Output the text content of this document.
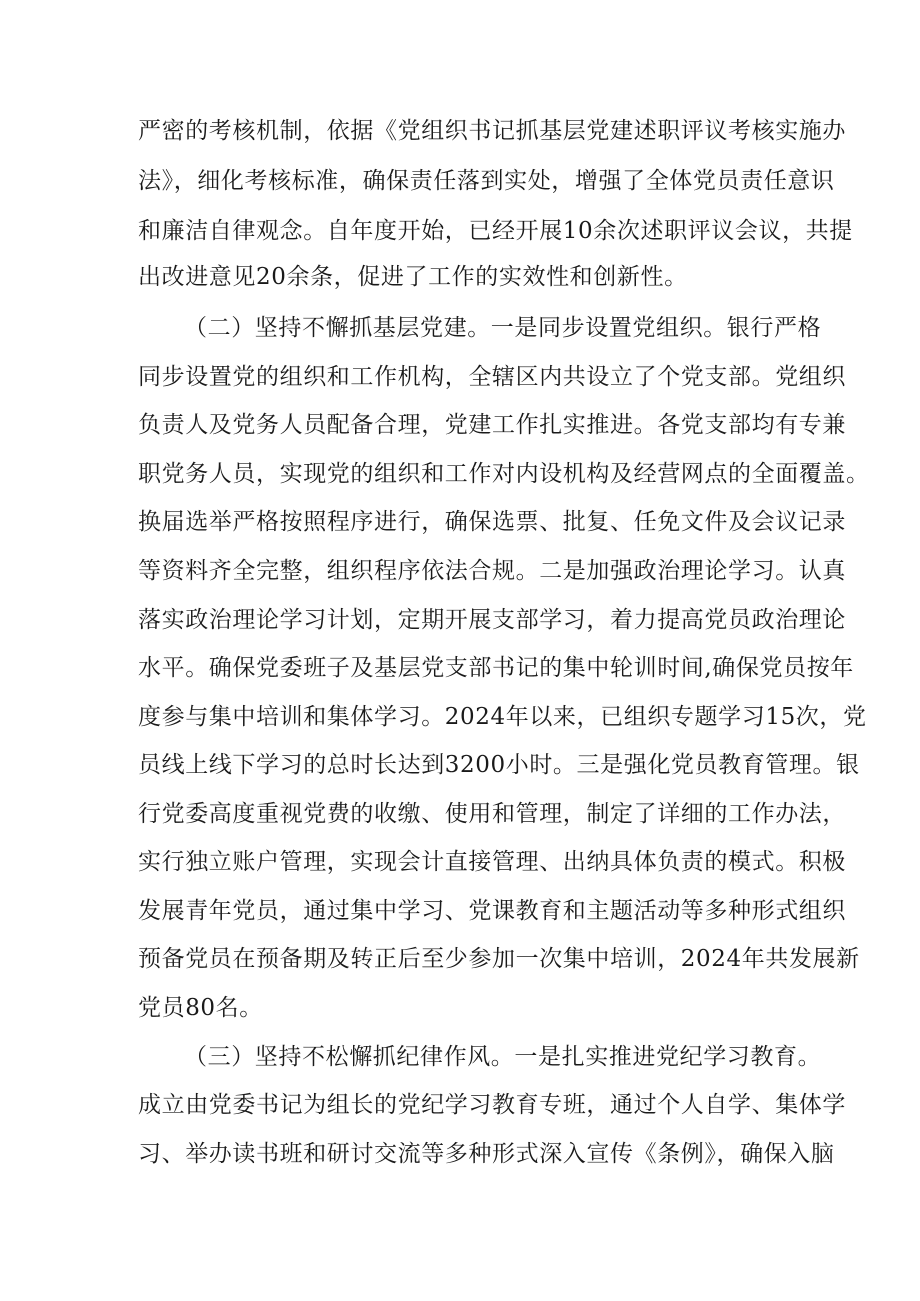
严密的考核机制，依据《党组织书记抓基层党建述职评议考核实施办
法》，细化考核标准，确保责任落到实处，增强了全体党员责任意识
和廉洁自律观念。自年度开始，已经开展10余次述职评议会议，共提
出改进意见20余条，促进了工作的实效性和创新性。
（二）坚持不懈抓基层党建。一是同步设置党组织。银行严格
同步设置党的组织和工作机构，全辖区内共设立了个党支部。党组织
负责人及党务人员配备合理，党建工作扎实推进。各党支部均有专兼
职党务人员，实现党的组织和工作对内设机构及经营网点的全面覆盖。
换届选举严格按照程序进行，确保选票、批复、任免文件及会议记录
等资料齐全完整，组织程序依法合规。二是加强政治理论学习。认真
落实政治理论学习计划，定期开展支部学习，着力提高党员政治理论
水平。确保党委班子及基层党支部书记的集中轮训时间,确保党员按年
度参与集中培训和集体学习。2024年以来，已组织专题学习15次，党
员线上线下学习的总时长达到3200小时。三是强化党员教育管理。银
行党委高度重视党费的收缴、使用和管理，制定了详细的工作办法，
实行独立账户管理，实现会计直接管理、出纳具体负责的模式。积极
发展青年党员，通过集中学习、党课教育和主题活动等多种形式组织
预备党员在预备期及转正后至少参加一次集中培训，2024年共发展新
党员80名。
（三）坚持不松懈抓纪律作风。一是扎实推进党纪学习教育。
成立由党委书记为组长的党纪学习教育专班，通过个人自学、集体学
习、举办读书班和研讨交流等多种形式深入宣传《条例》，确保入脑
